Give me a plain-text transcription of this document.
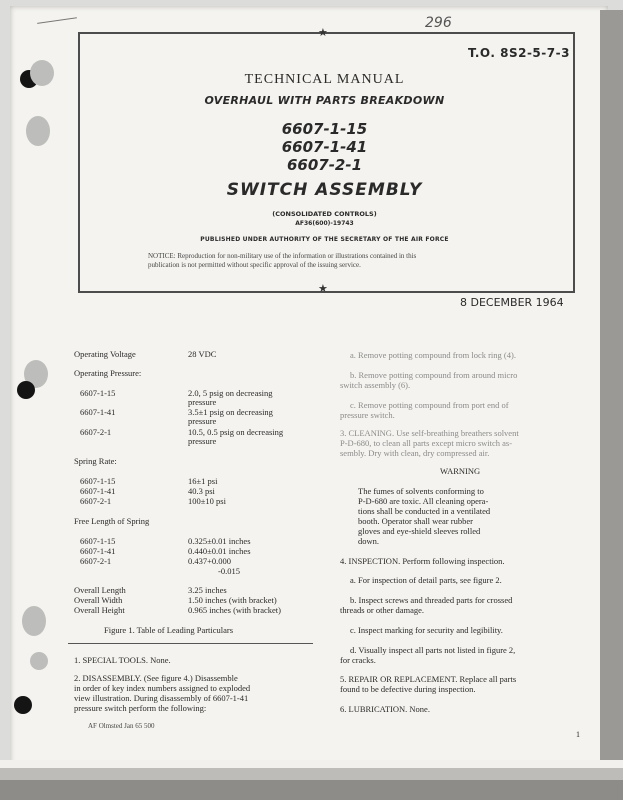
296
★
★
T.O. 8S2-5-7-3
TECHNICAL MANUAL
OVERHAUL WITH PARTS BREAKDOWN
6607-1-15
6607-1-41
6607-2-1
SWITCH ASSEMBLY
(CONSOLIDATED CONTROLS)
AF36(600)-19743
PUBLISHED UNDER AUTHORITY OF THE SECRETARY OF THE AIR FORCE
NOTICE: Reproduction for non-military use of the information or illustrations contained in this
publication is not permitted without specific approval of the issuing service.
8 DECEMBER 1964
Operating Voltage	28 VDC
Operating Pressure:
6607-1-15	2.0, 5 psig on decreasing
pressure
6607-1-41	3.5±1 psig on decreasing
pressure
6607-2-1	10.5, 0.5 psig on decreasing
pressure
Spring Rate:
6607-1-15	16±1 psi
6607-1-41	40.3 psi
6607-2-1	100±10 psi
Free Length of Spring
6607-1-15	0.325±0.01 inches
6607-1-41	0.440±0.01 inches
6607-2-1	0.437+0.000
-0.015
Overall Length	3.25 inches
Overall Width	1.50 inches (with bracket)
Overall Height	0.965 inches (with bracket)
Figure 1. Table of Leading Particulars
1. SPECIAL TOOLS. None.
2. DISASSEMBLY. (See figure 4.) Disassemble
in order of key index numbers assigned to exploded
view illustration. During disassembly of 6607-1-41
pressure switch perform the following:
AF Olmsted Jan 65 500
a. Remove potting compound from lock ring (4).
b. Remove potting compound from around micro
switch assembly (6).
c. Remove potting compound from port end of
pressure switch.
3. CLEANING. Use self-breathing breathers solvent
P-D-680, to clean all parts except micro switch as-
sembly. Dry with clean, dry compressed air.
WARNING
The fumes of solvents conforming to
P-D-680 are toxic. All cleaning opera-
tions shall be conducted in a ventilated
booth. Operator shall wear rubber
gloves and eye-shield sleeves rolled
down.
4. INSPECTION. Perform following inspection.
a. For inspection of detail parts, see figure 2.
b. Inspect screws and threaded parts for crossed
threads or other damage.
c. Inspect marking for security and legibility.
d. Visually inspect all parts not listed in figure 2,
for cracks.
5. REPAIR OR REPLACEMENT. Replace all parts
found to be defective during inspection.
6. LUBRICATION. None.
1
